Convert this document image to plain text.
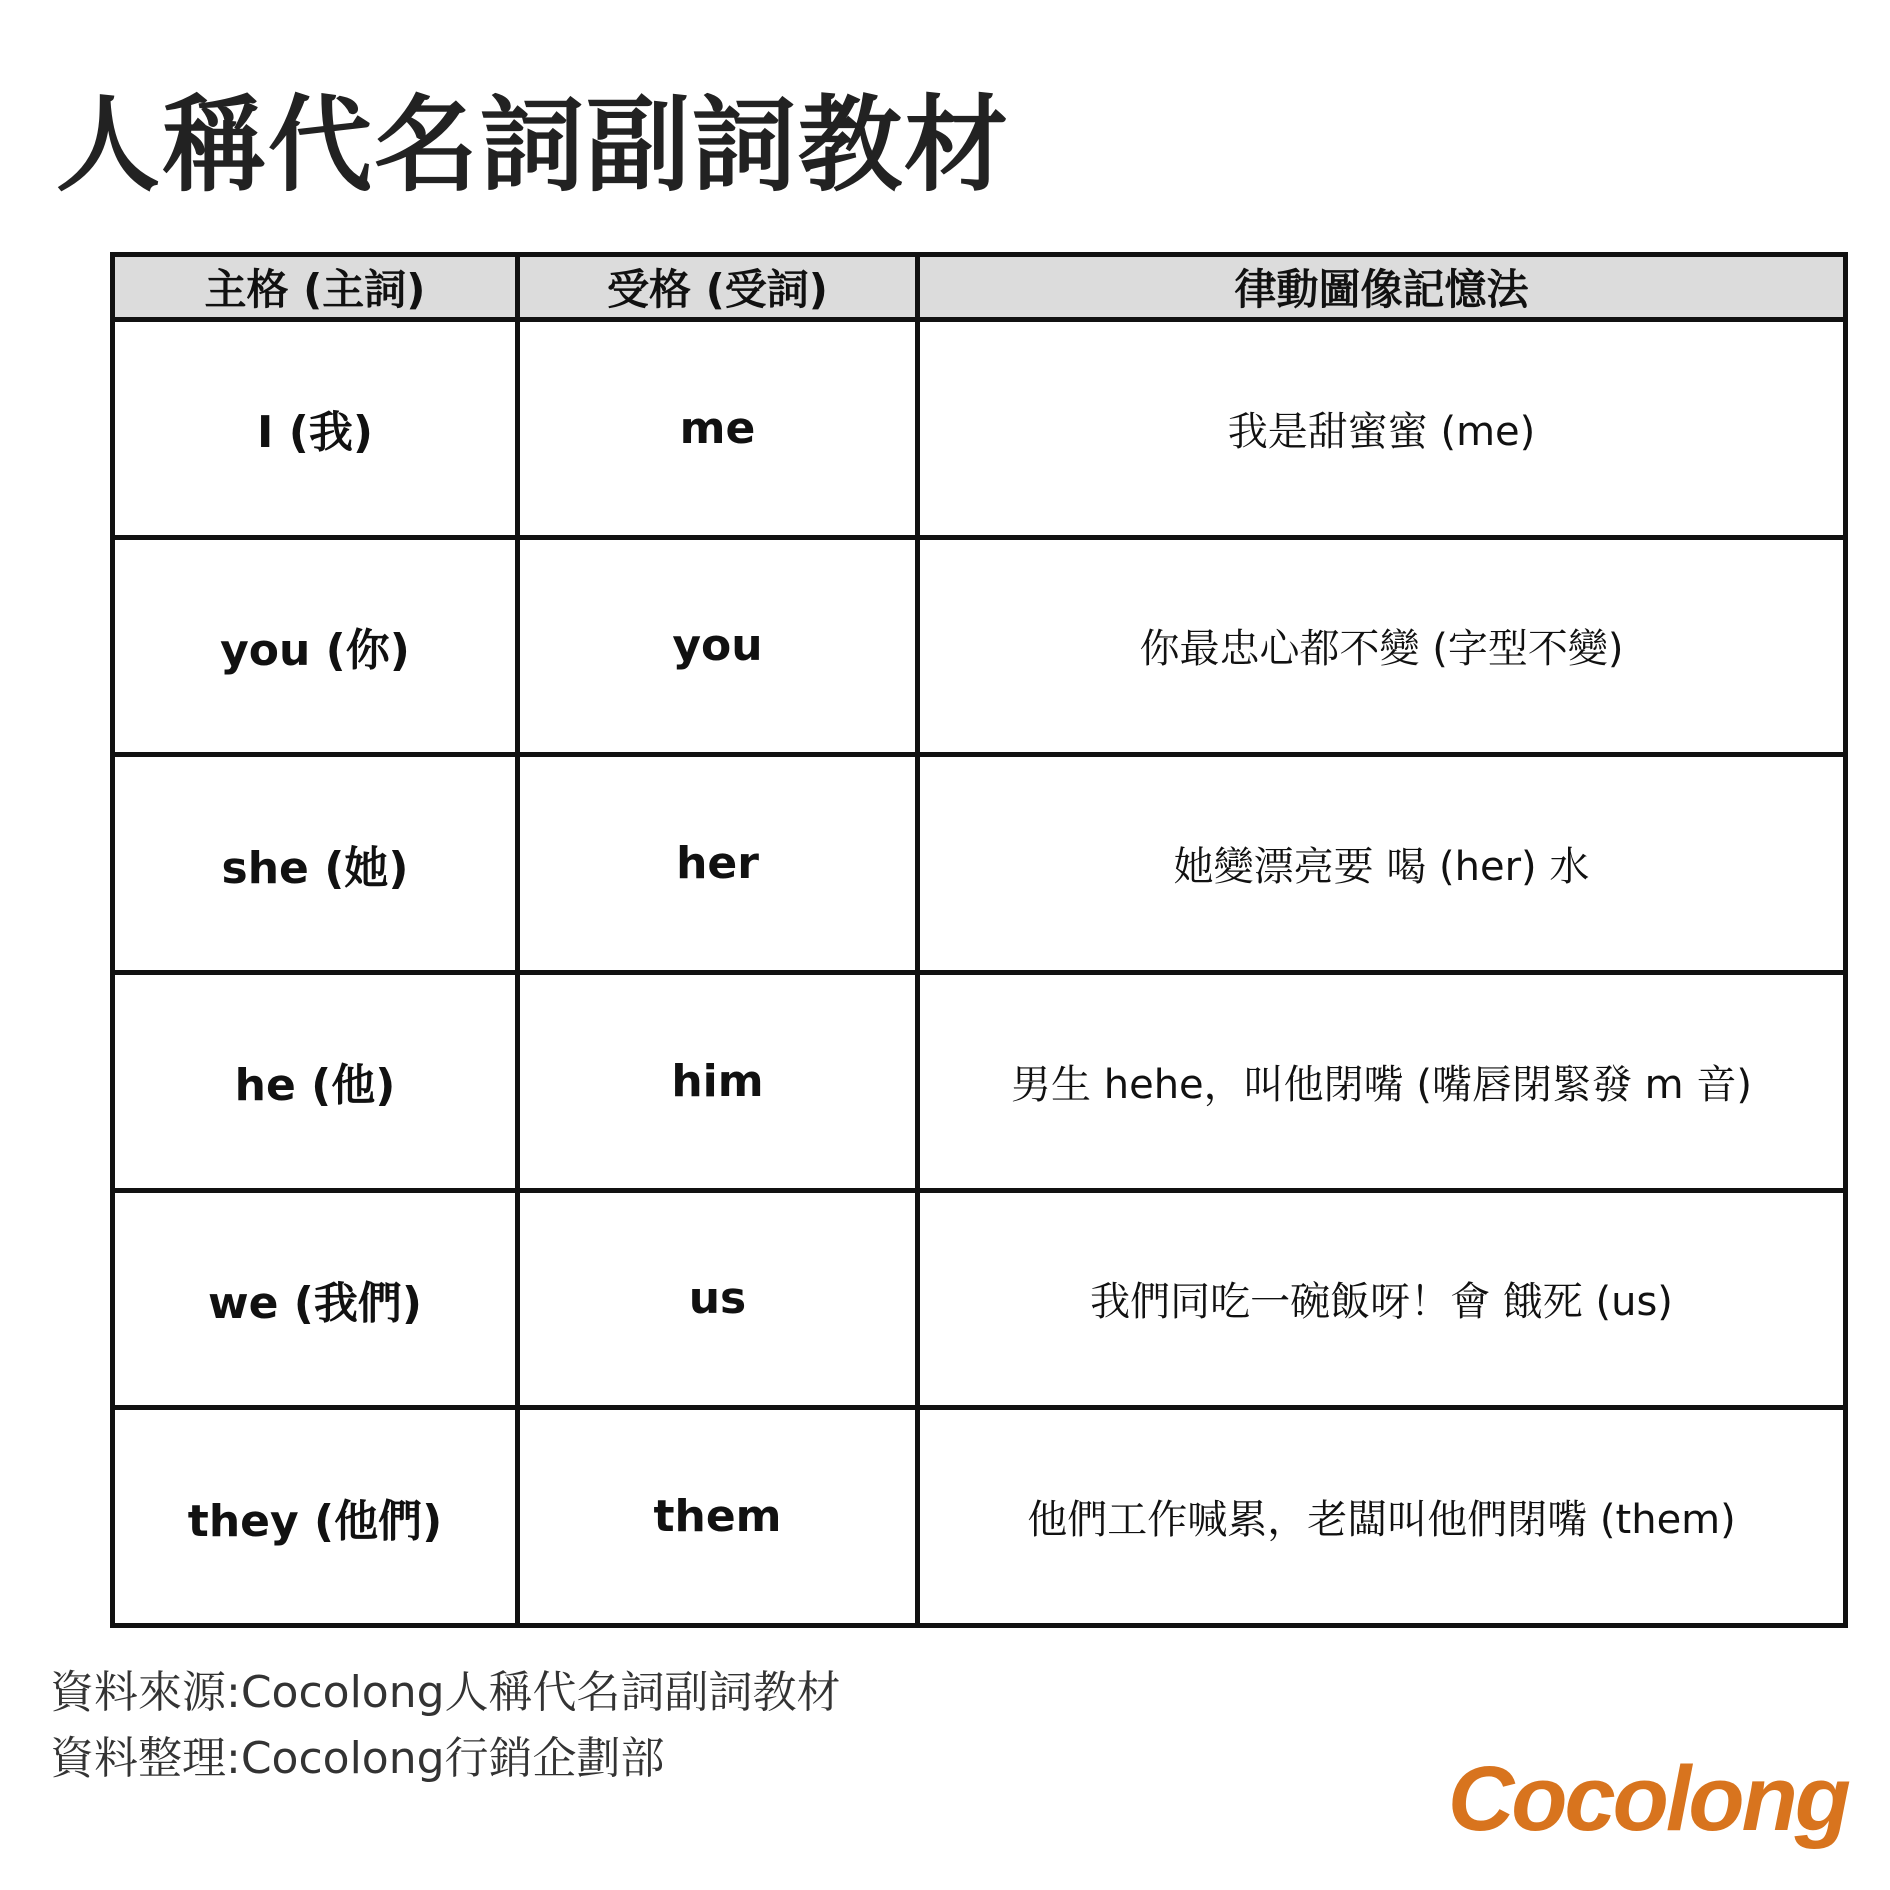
人稱代名詞副詞教材
主格 (主詞)	受格 (受詞)	律動圖像記憶法
I (我)	me	我是甜蜜蜜 (me)
you (你)	you	你最忠心都不變 (字型不變)
she (她)	her	她變漂亮要 喝 (her) 水
he (他)	him	男生 hehe，叫他閉嘴 (嘴唇閉緊發 m 音)
we (我們)	us	我們同吃一碗飯呀！會 餓死 (us)
they (他們)	them	他們工作喊累，老闆叫他們閉嘴 (them)
資料來源:Cocolong人稱代名詞副詞教材
資料整理:Cocolong行銷企劃部	Cocolong
